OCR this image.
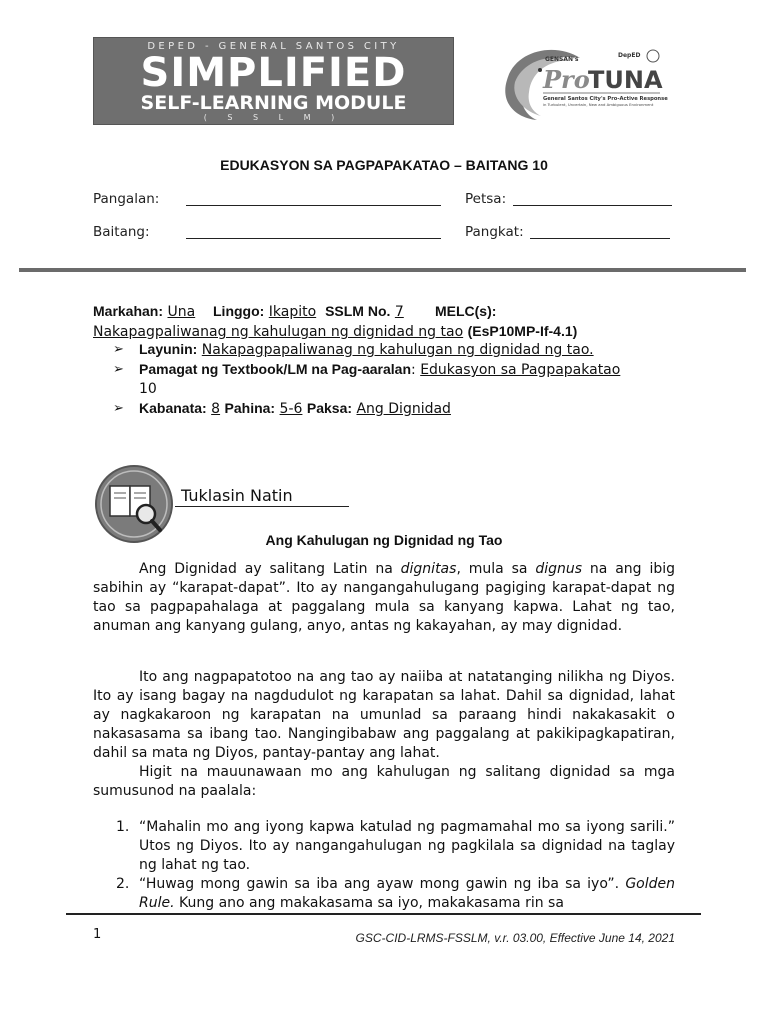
DEPED - GENERAL SANTOS CITY
SIMPLIFIED
SELF-LEARNING MODULE
( S S L M )
GENSAN's
DepED
Pro
TUNA
General Santos City's Pro-Active Response
in Turbulent, Uncertain, New and Ambiguous Environment
EDUKASYON SA PAGPAPAKATAO – BAITANG 10
Pangalan:	Petsa:
Baitang:	Pangkat:
Markahan: Una Linggo: Ikapito SSLM No. 7 MELC(s):
Nakapagpaliwanag ng kahulugan ng dignidad ng tao (EsP10MP-If-4.1)
➢ Layunin: Nakapagpapaliwanag ng kahulugan ng dignidad ng tao.
➢ Pamagat ng Textbook/LM na Pag-aaralan: Edukasyon sa Pagpapakatao
10
➢ Kabanata: 8 Pahina: 5-6 Paksa: Ang Dignidad
Tuklasin Natin
Ang Kahulugan ng Dignidad ng Tao
Ang Dignidad ay salitang Latin na dignitas, mula sa dignus na ang ibig sabihin ay “karapat-dapat”. Ito ay nangangahulugang pagiging karapat-dapat ng tao sa pagpapahalaga at paggalang mula sa kanyang kapwa. Lahat ng tao, anuman ang kanyang gulang, anyo, antas ng kakayahan, ay may dignidad.
Ito ang nagpapatotoo na ang tao ay naiiba at natatanging nilikha ng Diyos. Ito ay isang bagay na nagdudulot ng karapatan sa lahat. Dahil sa dignidad, lahat ay nagkakaroon ng karapatan na umunlad sa paraang hindi nakakasakit o nakasasama sa ibang tao. Nangingibabaw ang paggalang at pakikipagkapatiran, dahil sa mata ng Diyos, pantay-pantay ang lahat.
Higit na mauunawaan mo ang kahulugan ng salitang dignidad sa mga sumusunod na paalala:
1. “Mahalin mo ang iyong kapwa katulad ng pagmamahal mo sa iyong sarili.” Utos ng Diyos. Ito ay nangangahulugan ng pagkilala sa dignidad na taglay ng lahat ng tao.
2. “Huwag mong gawin sa iba ang ayaw mong gawin ng iba sa iyo”. Golden Rule. Kung ano ang makakasama sa iyo, makakasama rin sa
1	GSC-CID-LRMS-FSSLM, v.r. 03.00, Effective June 14, 2021
